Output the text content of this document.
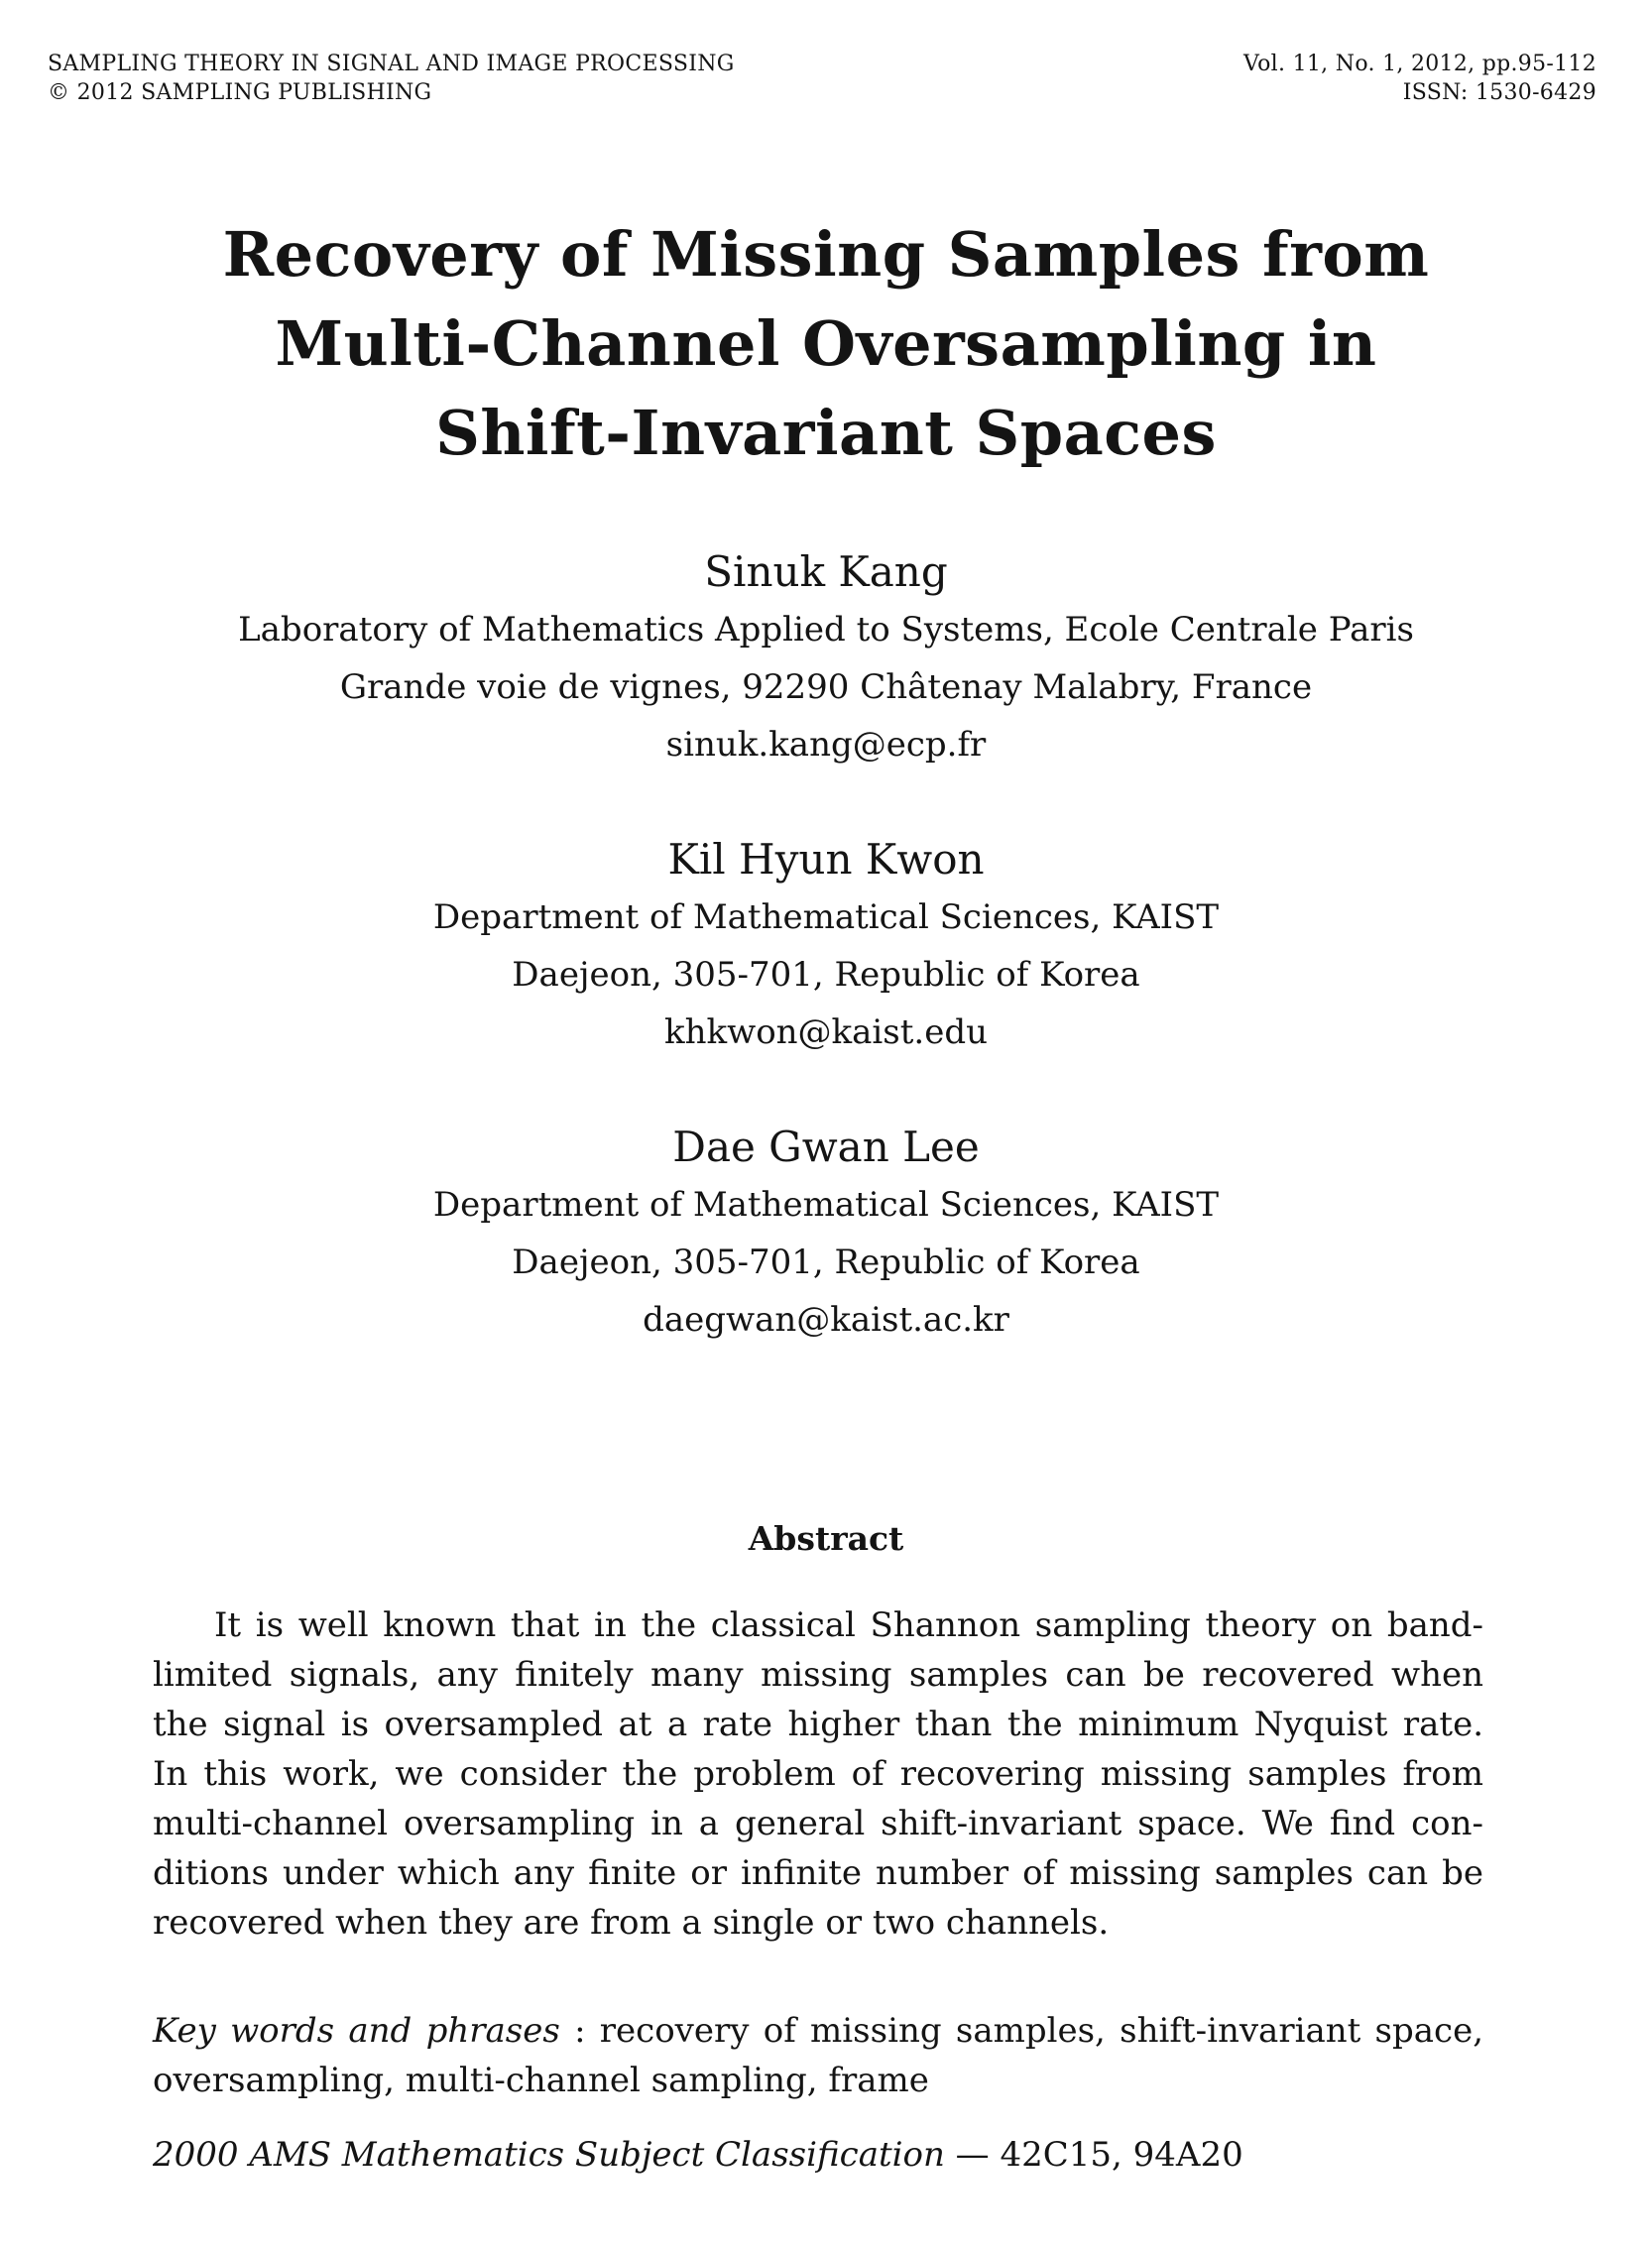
SAMPLING THEORY IN SIGNAL AND IMAGE PROCESSING
© 2012 SAMPLING PUBLISHING
Vol. 11, No. 1, 2012, pp.95-112
ISSN: 1530-6429
Recovery of Missing Samples from
Multi-Channel Oversampling in
Shift-Invariant Spaces
Sinuk Kang
Laboratory of Mathematics Applied to Systems, Ecole Centrale Paris
Grande voie de vignes, 92290 Châtenay Malabry, France
sinuk.kang@ecp.fr
Kil Hyun Kwon
Department of Mathematical Sciences, KAIST
Daejeon, 305-701, Republic of Korea
khkwon@kaist.edu
Dae Gwan Lee
Department of Mathematical Sciences, KAIST
Daejeon, 305-701, Republic of Korea
daegwan@kaist.ac.kr
Abstract
It is well known that in the classical Shannon sampling theory on band-
limited signals, any finitely many missing samples can be recovered when
the signal is oversampled at a rate higher than the minimum Nyquist rate.
In this work, we consider the problem of recovering missing samples from
multi-channel oversampling in a general shift-invariant space. We find con-
ditions under which any finite or infinite number of missing samples can be
recovered when they are from a single or two channels.
Key words and phrases : recovery of missing samples, shift-invariant space,
oversampling, multi-channel sampling, frame
2000 AMS Mathematics Subject Classification — 42C15, 94A20
